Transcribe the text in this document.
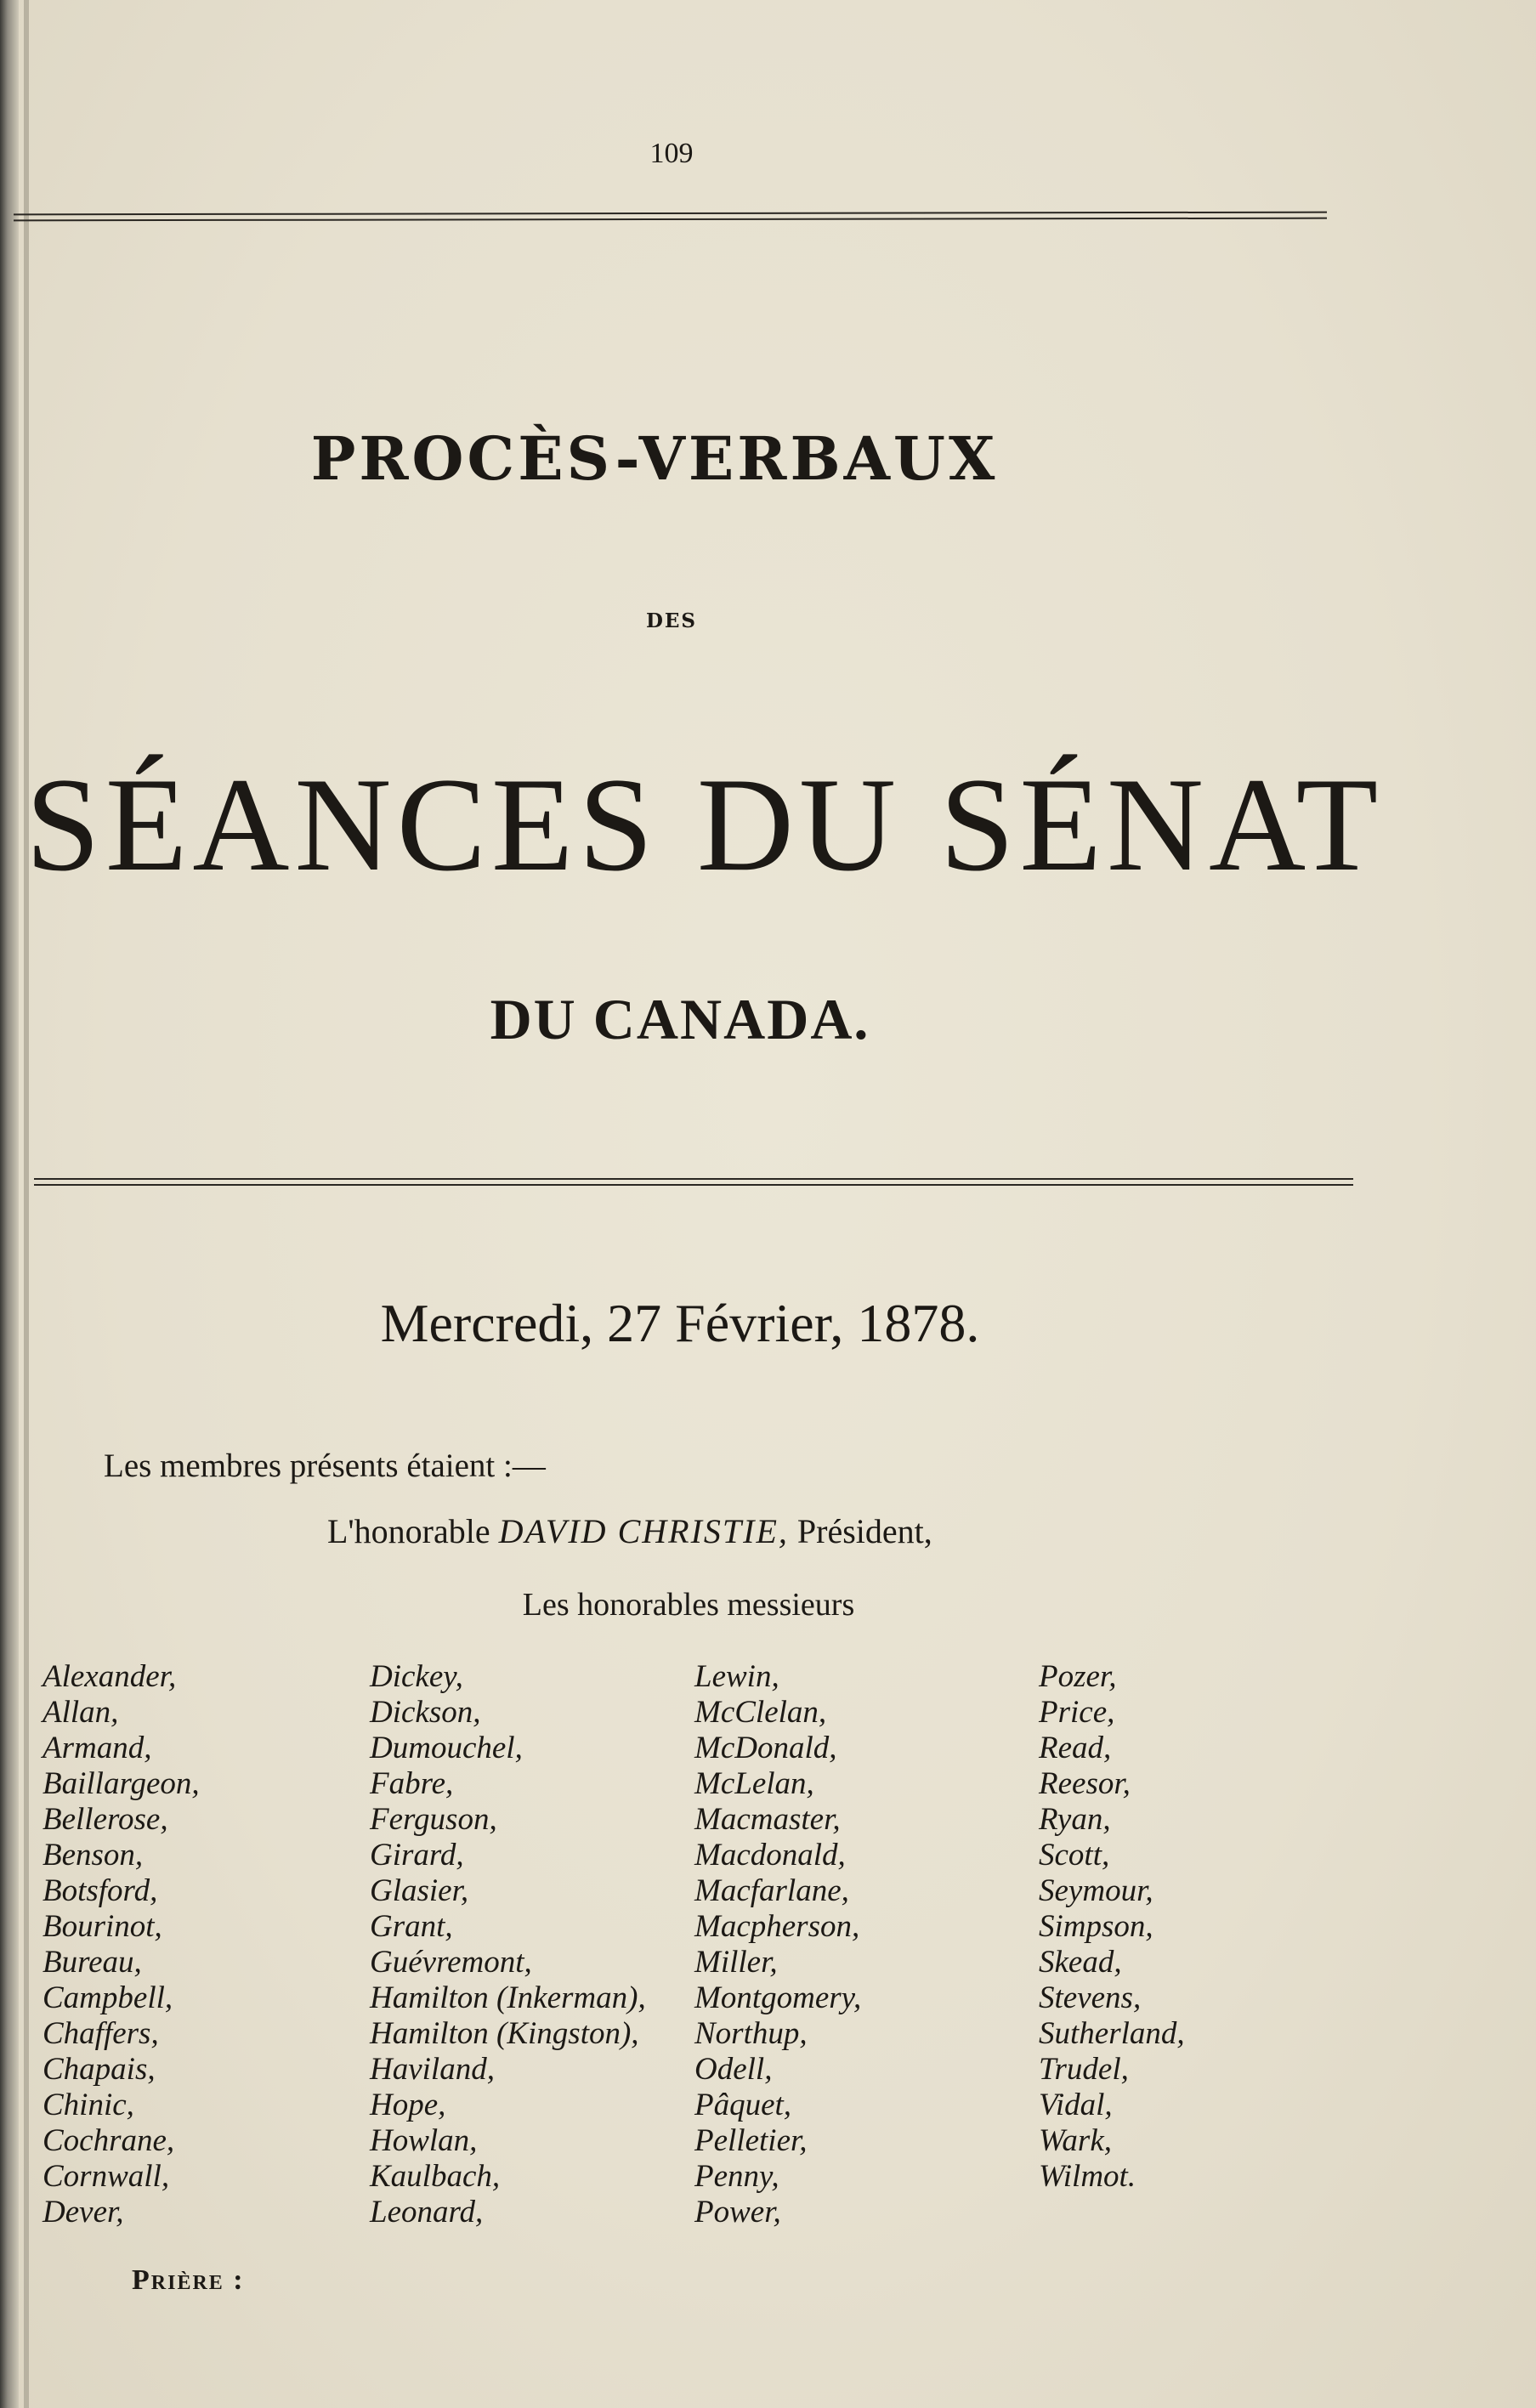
109
PROCÈS-VERBAUX
DES
SÉANCES DU SÉNAT
DU CANADA.
Mercredi, 27 Février, 1878.
Les membres présents étaient :—
L'honorable DAVID CHRISTIE, Président,
Les honorables messieurs
Alexander,
Allan,
Armand,
Baillargeon,
Bellerose,
Benson,
Botsford,
Bourinot,
Bureau,
Campbell,
Chaffers,
Chapais,
Chinic,
Cochrane,
Cornwall,
Dever,
Dickey,
Dickson,
Dumouchel,
Fabre,
Ferguson,
Girard,
Glasier,
Grant,
Guévremont,
Hamilton (Inkerman),
Hamilton (Kingston),
Haviland,
Hope,
Howlan,
Kaulbach,
Leonard,
Lewin,
McClelan,
McDonald,
McLelan,
Macmaster,
Macdonald,
Macfarlane,
Macpherson,
Miller,
Montgomery,
Northup,
Odell,
Pâquet,
Pelletier,
Penny,
Power,
Pozer,
Price,
Read,
Reesor,
Ryan,
Scott,
Seymour,
Simpson,
Skead,
Stevens,
Sutherland,
Trudel,
Vidal,
Wark,
Wilmot.
Prière :
